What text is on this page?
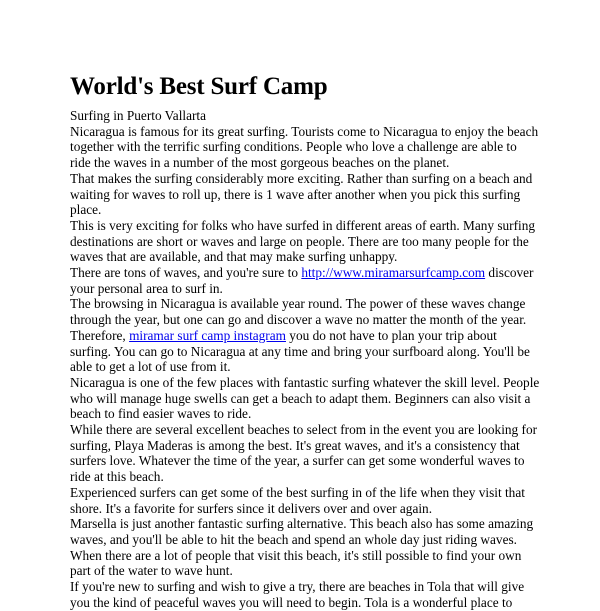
World's Best Surf Camp

Surfing in Puerto Vallarta

Nicaragua is famous for its great surfing. Tourists come to Nicaragua to enjoy the beach together with the terrific surfing conditions. People who love a challenge are able to ride the waves in a number of the most gorgeous beaches on the planet.

That makes the surfing considerably more exciting. Rather than surfing on a beach and waiting for waves to roll up, there is 1 wave after another when you pick this surfing place.

This is very exciting for folks who have surfed in different areas of earth. Many surfing destinations are short or waves and large on people. There are too many people for the waves that are available, and that may make surfing unhappy.

There are tons of waves, and you're sure to http://www.miramarsurfcamp.com discover your personal area to surf in.

The browsing in Nicaragua is available year round. The power of these waves change through the year, but one can go and discover a wave no matter the month of the year. Therefore, miramar surf camp instagram you do not have to plan your trip about surfing. You can go to Nicaragua at any time and bring your surfboard along. You'll be able to get a lot of use from it.

Nicaragua is one of the few places with fantastic surfing whatever the skill level. People who will manage huge swells can get a beach to adapt them. Beginners can also visit a beach to find easier waves to ride.

While there are several excellent beaches to select from in the event you are looking for surfing, Playa Maderas is among the best. It's great waves, and it's a consistency that surfers love. Whatever the time of the year, a surfer can get some wonderful waves to ride at this beach.

Experienced surfers can get some of the best surfing in of the life when they visit that shore. It's a favorite for surfers since it delivers over and over again.

Marsella is just another fantastic surfing alternative. This beach also has some amazing waves, and you'll be able to hit the beach and spend an whole day just riding waves. When there are a lot of people that visit this beach, it's still possible to find your own part of the water to wave hunt.

If you're new to surfing and wish to give a try, there are beaches in Tola that will give you the kind of peaceful waves you will need to begin. Tola is a wonderful place to
